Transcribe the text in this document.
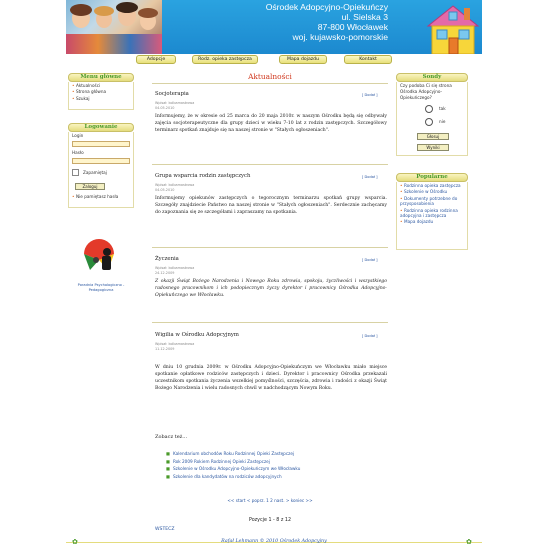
Ośrodek Adopcyjno-Opiekuńczy
ul. Sielska 3
87-800 Włocławek
woj. kujawsko-pomorskie
Adopcje	Rodz. opieka zastępcza	Mapa dojazdu	Kontakt
Menu główne
• Aktualności
• Strona główna
• Szukaj
Logowanie
Login
Hasło
Zapamiętaj
Zaloguj
• Nie pamiętasz hasła
Poradnia Psychologiczno - Pedagogiczna
Aktualności
Socjoterapia	[ Dodał ]
Wpisał: kolbamastrowa
04.05.2010
Informujemy, że w okresie od 25 marca do 20 maja 2010r. w naszym Ośrodku będą się odbywały zajęcia socjoterapeutyczne dla grupy dzieci w wieku 7-10 lat z rodzin zastępczych. Szczegółowy terminarz spotkań znajduje się na naszej stronie w "Stałych ogłoszeniach".
Grupa wsparcia rodzin zastępczych	[ Dodał ]
Wpisał: kolbamastrowa
04.05.2010
Informujemy opiekunów zastępczych o tegorocznym terminarzu spotkań grupy wsparcia. Szczegóły znajdziecie Państwo na naszej stronie w "Stałych ogłoszeniach". Serdecznie zachęcamy do zapoznania się ze szczegółami i zapraszamy na spotkania.
Życzenia	[ Dodał ]
Wpisał: kolbamastrowa
24.12.2009
Z okazji Świąt Bożego Narodzenia i Nowego Roku zdrowia, spokoju, życzliwości i wszystkiego radosnego pracownikom i ich podopiecznym życzy dyrektor i pracownicy Ośrodka Adopcyjno-Opiekuńczego we Włocławku.
Wigilia w Ośrodku Adopcyjnym	[ Dodał ]
Wpisał: kolbamastrowa
11.12.2009
W dniu 10 grudnia 2009r. w Ośrodku Adopcyjno-Opiekuńczym we Włocławku miało miejsce spotkanie opłatkowe rodziców zastępczych i dzieci. Dyrektor i pracownicy Ośrodka przekazali uczestnikom spotkania życzenia wszelkiej pomyślności, szczęścia, zdrowia i radości z okazji Świąt Bożego Narodzenia i wielu radosnych chwil w nadchodzącym Nowym Roku.
Zobacz też...
■ Kalendarium obchodów Roku Rodzinnej Opieki Zastępczej
■ Rok 2009 Rokiem Rodzinnej Opieki Zastępczej
■ Szkolenie w Ośrodku Adopcyjno-Opiekuńczym we Włocławku
■ Szkolenie dla kandydatów na rodziców adopcyjnych
<< start < poprz. 1 2 nast. > koniec >>
Pozycje 1 - 8 z 12
WSTECZ
Sondy
Czy podoba Ci się strona Ośrodka Adopcyjno-Opiekuńczego?
tak
nie
Głosuj
Wyniki
Popularne
• Rodzinna opieka zastępcza
• Szkolenie w Ośrodku
• Dokumenty potrzebne do przysposobienia
• Rodzinna opieka rodzinna adopcyjna i zastępcza
• Mapa dojazdu
✿	✿
Rafał Lehmann © 2010 Ośrodek Adopcyjny
